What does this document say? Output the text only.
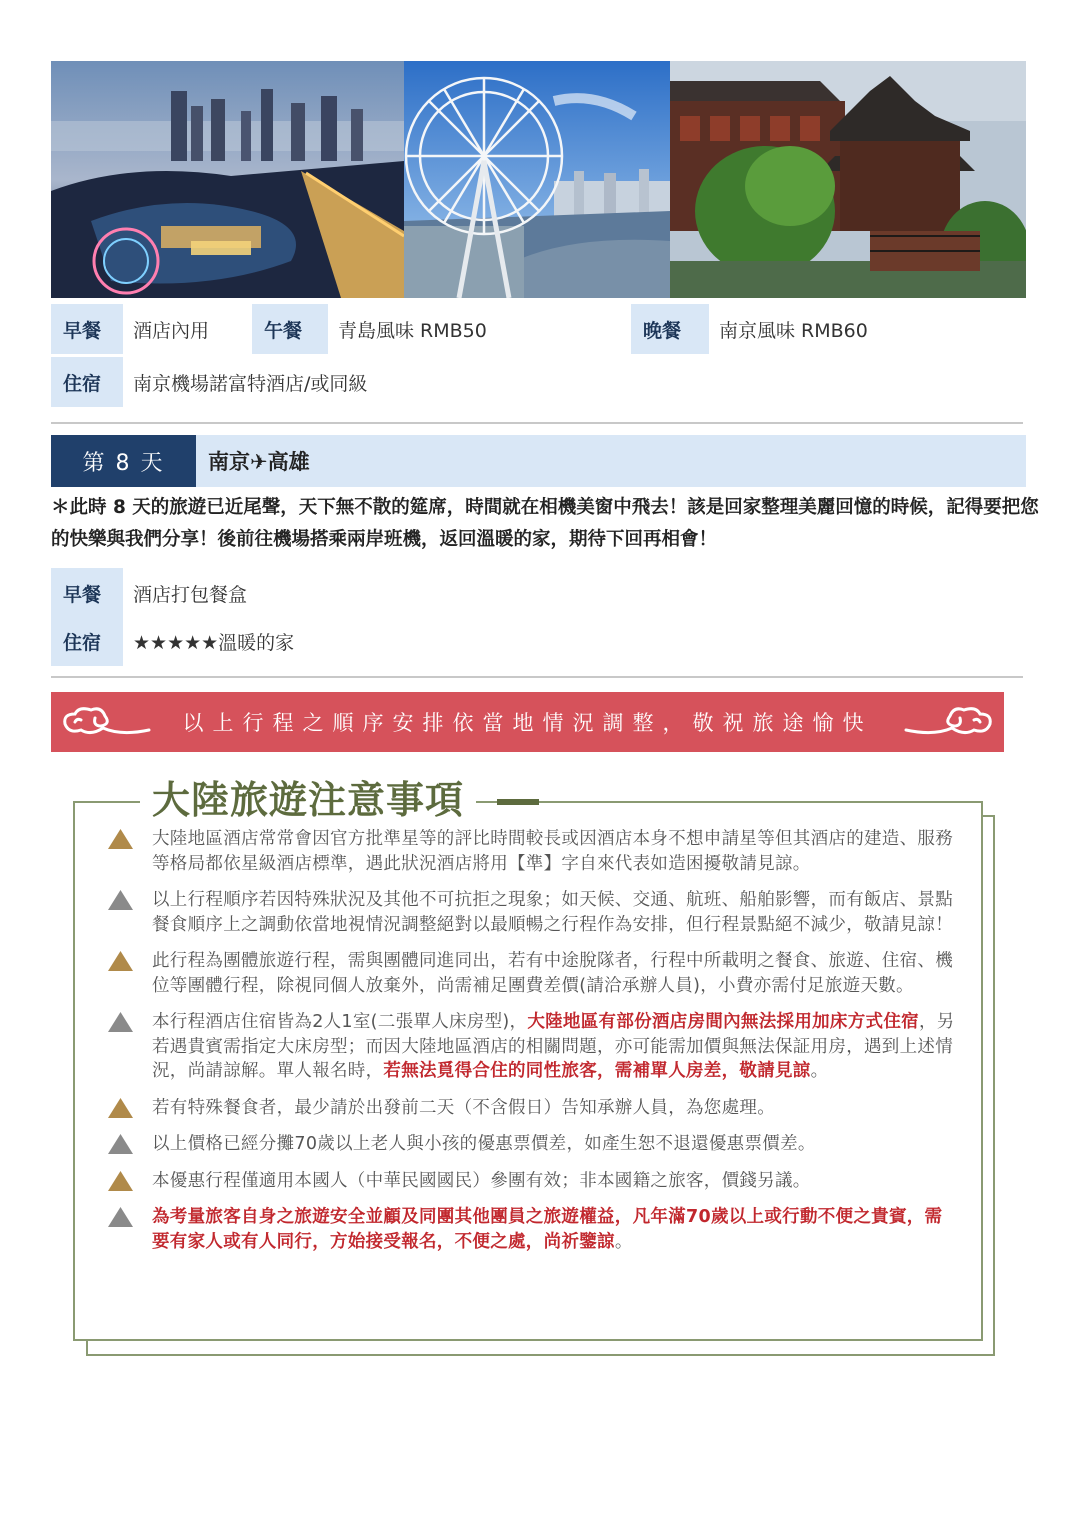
早餐	酒店內用	午餐	青島風味 RMB50	晚餐	南京風味 RMB60
住宿	南京機場諾富特酒店/或同級
第 8 天	南京✈高雄
＊此時 8 天的旅遊已近尾聲，天下無不散的筵席，時間就在相機美窗中飛去！該是回家整理美麗回憶的時候，記得要把您的快樂與我們分享！後前往機場搭乘兩岸班機，返回溫暖的家，期待下回再相會！
早餐	酒店打包餐盒
住宿	★★★★★溫暖的家
以上行程之順序安排依當地情況調整，敬祝旅途愉快
大陸旅遊注意事項
大陸地區酒店常常會因官方批準星等的評比時間較長或因酒店本身不想申請星等但其酒店的建造、服務等格局都依星級酒店標準，遇此狀況酒店將用【準】字自來代表如造困擾敬請見諒。
以上行程順序若因特殊狀況及其他不可抗拒之現象；如天候、交通、航班、船舶影響，而有飯店、景點餐食順序上之調動依當地視情況調整絕對以最順暢之行程作為安排，但行程景點絕不減少，敬請見諒！
此行程為團體旅遊行程，需與團體同進同出，若有中途脫隊者，行程中所載明之餐食、旅遊、住宿、機位等團體行程，除視同個人放棄外，尚需補足團費差價(請洽承辦人員)，小費亦需付足旅遊天數。
本行程酒店住宿皆為2人1室(二張單人床房型)，大陸地區有部份酒店房間內無法採用加床方式住宿，另若遇貴賓需指定大床房型；而因大陸地區酒店的相關問題，亦可能需加價與無法保証用房，遇到上述情況，尚請諒解。單人報名時，若無法覓得合住的同性旅客，需補單人房差，敬請見諒。
若有特殊餐食者，最少請於出發前二天（不含假日）告知承辦人員，為您處理。
以上價格已經分攤70歲以上老人與小孩的優惠票價差，如產生恕不退還優惠票價差。
本優惠行程僅適用本國人（中華民國國民）參團有效；非本國籍之旅客，價錢另議。
為考量旅客自身之旅遊安全並顧及同團其他團員之旅遊權益，凡年滿70歲以上或行動不便之貴賓，需要有家人或有人同行，方始接受報名，不便之處，尚祈鑒諒。
